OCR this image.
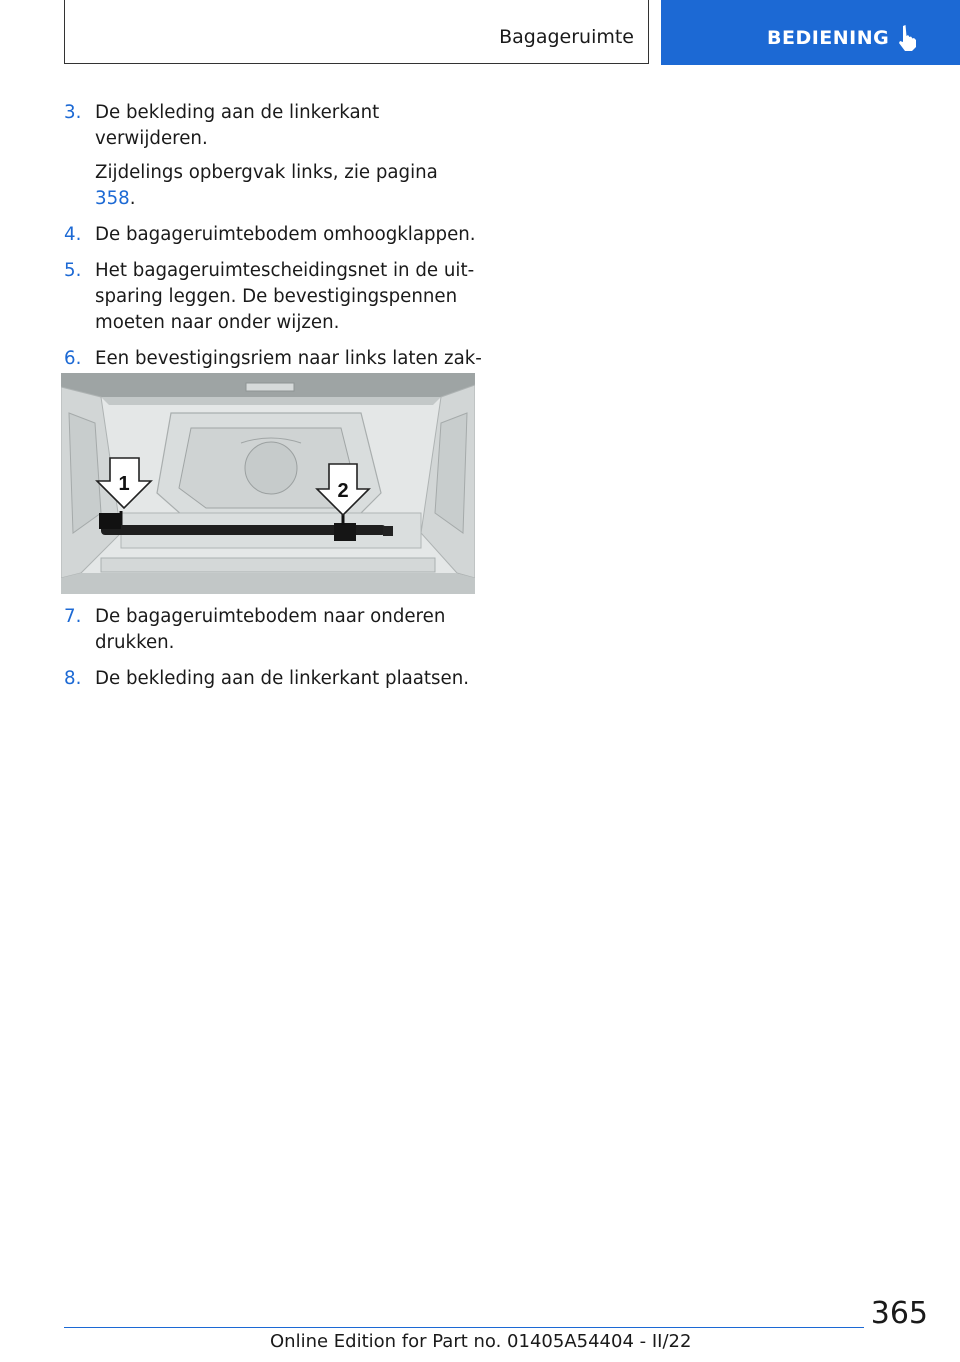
Bagageruimte	BEDIENING
3. De bekleding aan de linkerkant verwijderen.
Zijdelings opbergvak links, zie pagina 358.
4. De bagageruimtebodem omhoogklappen.
5. Het bagageruimtescheidingsnet in de uit-sparing leggen. De bevestigingspennen moeten naar onder wijzen.
6. Een bevestigingsriem naar links laten zak-
1	2
7. De bagageruimtebodem naar onderen drukken.
8. De bekleding aan de linkerkant plaatsen.
365
Online Edition for Part no. 01405A54404 - II/22
